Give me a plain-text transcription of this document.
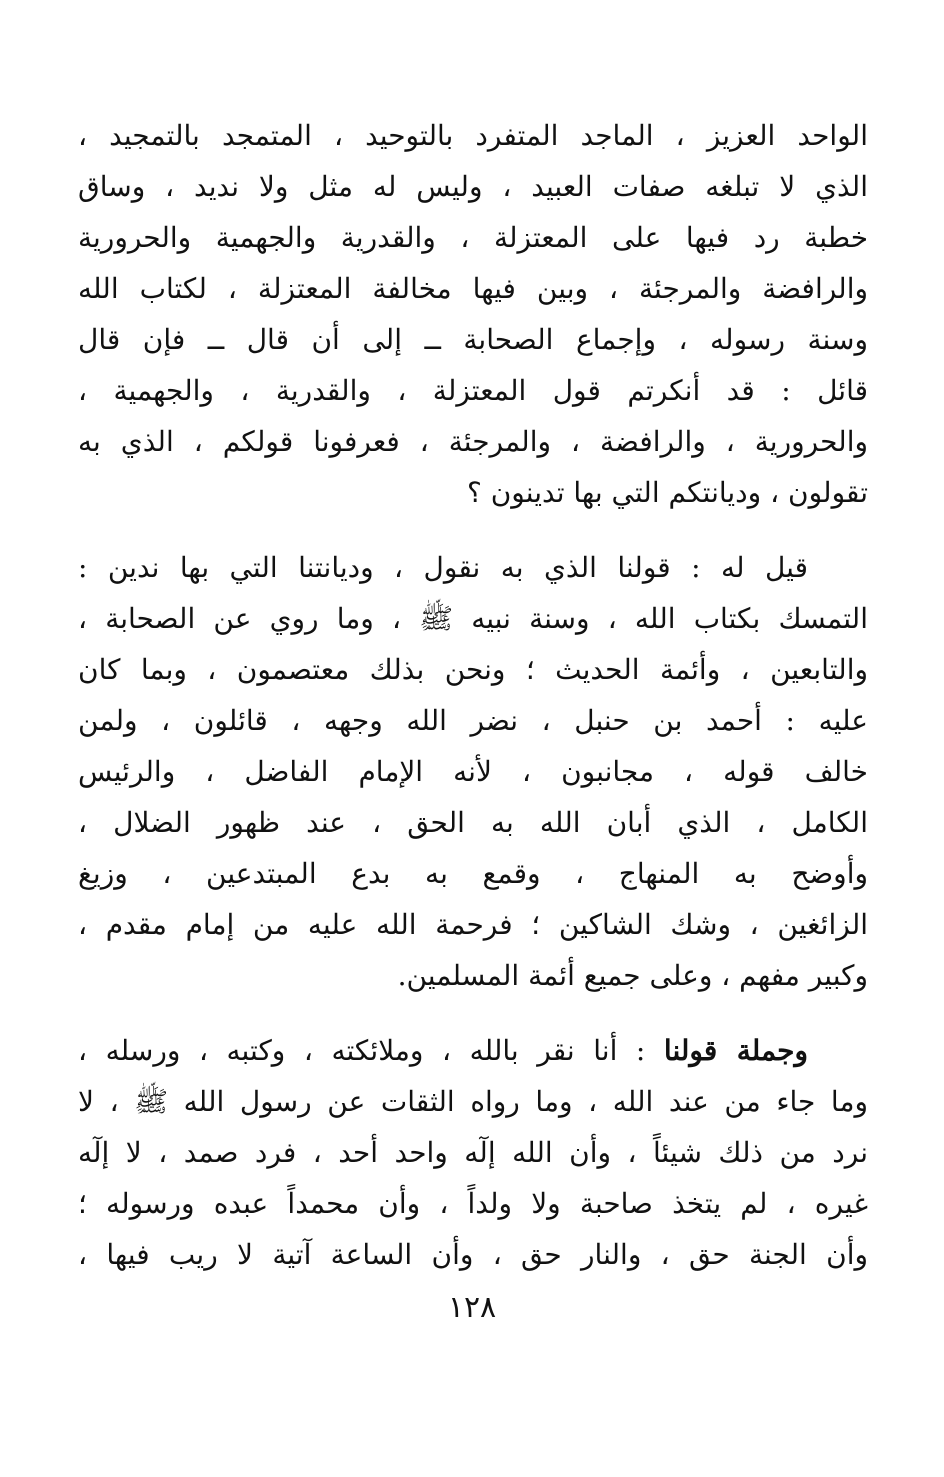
الواحد العزيز ، الماجد المتفرد بالتوحيد ، المتمجد بالتمجيد ،
الذي لا تبلغه صفات العبيد ، وليس له مثل ولا نديد ، وساق
خطبة رد فيها على المعتزلة ، والقدرية والجهمية والحرورية
والرافضة والمرجئة ، وبين فيها مخالفة المعتزلة ، لكتاب الله
وسنة رسوله ، وإجماع الصحابة ــ إلى أن قال ــ فإن قال
قائل : قد أنكرتم قول المعتزلة ، والقدرية ، والجهمية ،
والحرورية ، والرافضة ، والمرجئة ، فعرفونا قولكم ، الذي به
تقولون ، وديانتكم التي بها تدينون ؟
قيل له : قولنا الذي به نقول ، وديانتنا التي بها ندين :
التمسك بكتاب الله ، وسنة نبيه ﷺ ، وما روي عن الصحابة ،
والتابعين ، وأئمة الحديث ؛ ونحن بذلك معتصمون ، وبما كان
عليه : أحمد بن حنبل ، نضر الله وجهه ، قائلون ، ولمن
خالف قوله ، مجانبون ، لأنه الإمام الفاضل ، والرئيس
الكامل ، الذي أبان الله به الحق ، عند ظهور الضلال ،
وأوضح به المنهاج ، وقمع به بدع المبتدعين ، وزيغ
الزائغين ، وشك الشاكين ؛ فرحمة الله عليه من إمام مقدم ،
وكبير مفهم ، وعلى جميع أئمة المسلمين.
وجملة قولنا : أنا نقر بالله ، وملائكته ، وكتبه ، ورسله ،
وما جاء من عند الله ، وما رواه الثقات عن رسول الله ﷺ ، لا
نرد من ذلك شيئاً ، وأن الله إلٓه واحد أحد ، فرد صمد ، لا إلٓه
غيره ، لم يتخذ صاحبة ولا ولداً ، وأن محمداً عبده ورسوله ؛
وأن الجنة حق ، والنار حق ، وأن الساعة آتية لا ريب فيها ،
١٢٨
